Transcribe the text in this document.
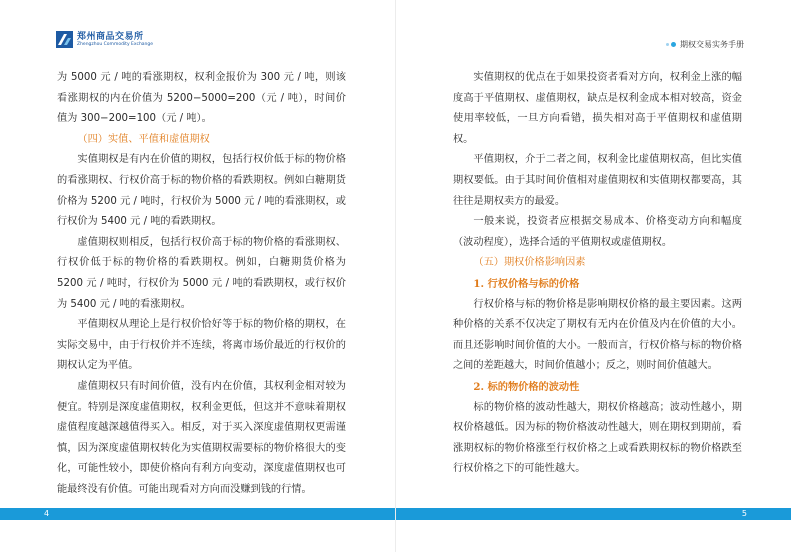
郑州商品交易所
Zhengzhou Commodity Exchange

为 5000 元 / 吨的看涨期权，权利金报价为 300 元 / 吨，则该看涨期权的内在价值为 5200−5000=200（元 / 吨），时间价值为 300−200=100（元 / 吨）。

（四）实值、平值和虚值期权

实值期权是有内在价值的期权，包括行权价低于标的物价格的看涨期权、行权价高于标的物价格的看跌期权。例如白糖期货价格为 5200 元 / 吨时，行权价为 5000 元 / 吨的看涨期权，或行权价为 5400 元 / 吨的看跌期权。

虚值期权则相反，包括行权价高于标的物价格的看涨期权、行权价低于标的物价格的看跌期权。例如，白糖期货价格为 5200 元 / 吨时，行权价为 5000 元 / 吨的看跌期权，或行权价为 5400 元 / 吨的看涨期权。

平值期权从理论上是行权价恰好等于标的物价格的期权，在实际交易中，由于行权价并不连续，将离市场价最近的行权价的期权认定为平值。

虚值期权只有时间价值，没有内在价值，其权利金相对较为便宜。特别是深度虚值期权，权利金更低，但这并不意味着期权虚值程度越深越值得买入。相反，对于买入深度虚值期权更需谨慎，因为深度虚值期权转化为实值期权需要标的物价格很大的变化，可能性较小，即使价格向有利方向变动，深度虚值期权也可能最终没有价值。可能出现看对方向而没赚到钱的行情。

期权交易实务手册

实值期权的优点在于如果投资者看对方向，权利金上涨的幅度高于平值期权、虚值期权，缺点是权利金成本相对较高，资金使用率较低，一旦方向看错，损失相对高于平值期权和虚值期权。

平值期权，介于二者之间，权利金比虚值期权高，但比实值期权要低。由于其时间价值相对虚值期权和实值期权都要高，其往往是期权卖方的最爱。

一般来说，投资者应根据交易成本、价格变动方向和幅度（波动程度），选择合适的平值期权或虚值期权。

（五）期权价格影响因素

1. 行权价格与标的价格

行权价格与标的物价格是影响期权价格的最主要因素。这两种价格的关系不仅决定了期权有无内在价值及内在价值的大小。而且还影响时间价值的大小。一般而言，行权价格与标的物价格之间的差距越大，时间价值越小；反之，则时间价值越大。

2. 标的物价格的波动性

标的物价格的波动性越大，期权价格越高；波动性越小，期权价格越低。因为标的物价格波动性越大，则在期权到期前，看涨期权标的物价格涨至行权价格之上或看跌期权标的物价格跌至行权价格之下的可能性越大。

4	5
